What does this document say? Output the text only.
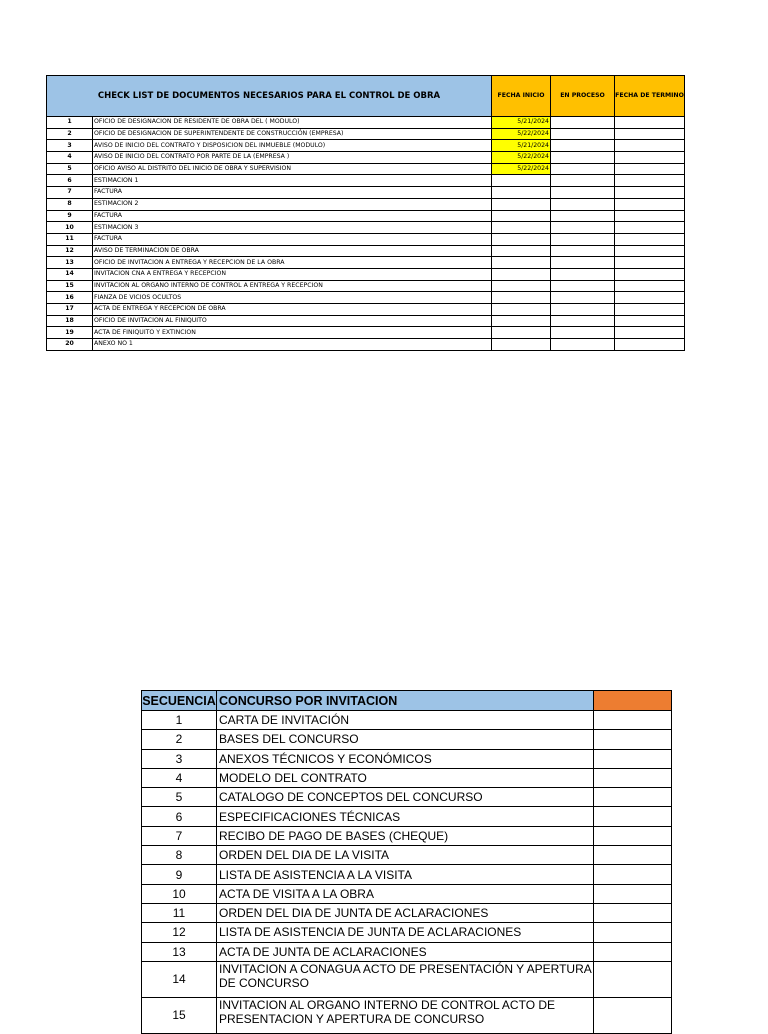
CHECK LIST DE DOCUMENTOS NECESARIOS PARA EL CONTROL DE OBRA		FECHA INICIO	EN PROCESO	FECHA DE TERMINO
1	OFICIO DE DESIGNACION DE RESIDENTE DE OBRA DEL ( MODULO)	5/21/2024		
2	OFICIO DE DESIGNACION DE SUPERINTENDENTE DE CONSTRUCCIÓN (EMPRESA)	5/22/2024		
3	AVISO DE INICIO DEL CONTRATO Y DISPOSICION DEL INMUEBLE (MODULO)	5/21/2024		
4	AVISO DE INICIO DEL CONTRATO POR PARTE DE LA (EMPRESA )	5/22/2024		
5	OFICIO AVISO AL DISTRITO DEL INICIO DE OBRA Y SUPERVISION	5/22/2024		
6	ESTIMACION 1			
7	FACTURA			
8	ESTIMACION 2			
9	FACTURA			
10	ESTIMACION 3			
11	FACTURA			
12	AVISO DE TERMINACION DE OBRA			
13	OFICIO DE INVITACION A ENTREGA Y RECEPCION DE LA OBRA			
14	INVITACION CNA A ENTREGA Y RECEPCION			
15	INVITACION AL ORGANO INTERNO DE CONTROL A ENTREGA Y RECEPCION			
16	FIANZA DE VICIOS OCULTOS			
17	ACTA DE ENTREGA Y RECEPCION DE OBRA			
18	OFICIO DE INVITACION AL FINIQUITO			
19	ACTA DE FINIQUITO Y EXTINCION			
20	ANEXO NO 1			
SECUENCIA	CONCURSO POR INVITACION	
1	CARTA DE INVITACIÓN	
2	BASES DEL CONCURSO	
3	ANEXOS TÉCNICOS Y ECONÓMICOS	
4	MODELO DEL CONTRATO	
5	CATALOGO DE CONCEPTOS DEL CONCURSO	
6	ESPECIFICACIONES TÉCNICAS	
7	RECIBO DE PAGO DE BASES (CHEQUE)	
8	ORDEN DEL DIA DE LA VISITA	
9	LISTA DE ASISTENCIA A LA VISITA	
10	ACTA DE VISITA A LA OBRA	
11	ORDEN DEL DIA DE JUNTA DE ACLARACIONES	
12	LISTA DE ASISTENCIA DE JUNTA DE ACLARACIONES	
13	ACTA DE JUNTA DE ACLARACIONES	
14	INVITACION A CONAGUA ACTO DE PRESENTACIÓN Y APERTURA DE CONCURSO	
15	INVITACION AL ORGANO INTERNO DE CONTROL ACTO DE PRESENTACION Y APERTURA DE CONCURSO	
